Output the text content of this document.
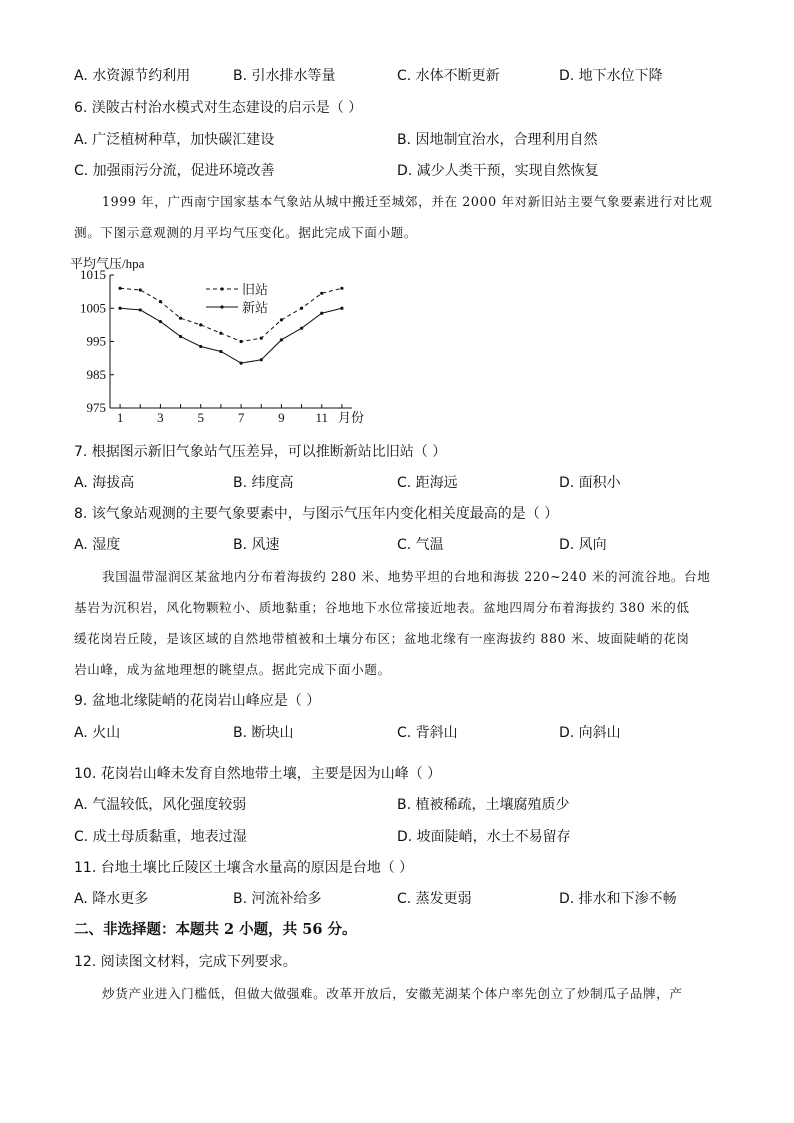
A. 水资源节约利用	B. 引水排水等量	C. 水体不断更新	D. 地下水位下降
6. 渼陂古村治水模式对生态建设的启示是（ ）
A. 广泛植树种草，加快碳汇建设	B. 因地制宜治水，合理利用自然
C. 加强雨污分流，促进环境改善	D. 减少人类干预，实现自然恢复
1999 年，广西南宁国家基本气象站从城中搬迁至城郊，并在 2000 年对新旧站主要气象要素进行对比观
测。下图示意观测的月平均气压变化。据此完成下面小题。
平均气压/hpa
975
985
995
1005
1015
1	3	5	7	9 11
旧站
新站
月份
7. 根据图示新旧气象站气压差异，可以推断新站比旧站（ ）
A. 海拔高	B. 纬度高	C. 距海远	D. 面积小
8. 该气象站观测的主要气象要素中，与图示气压年内变化相关度最高的是（ ）
A. 湿度	B. 风速	C. 气温	D. 风向
我国温带湿润区某盆地内分布着海拔约 280 米、地势平坦的台地和海拔 220~240 米的河流谷地。台地
基岩为沉积岩，风化物颗粒小、质地黏重；谷地地下水位常接近地表。盆地四周分布着海拔约 380 米的低
缓花岗岩丘陵，是该区域的自然地带植被和土壤分布区；盆地北缘有一座海拔约 880 米、坡面陡峭的花岗
岩山峰，成为盆地理想的眺望点。据此完成下面小题。
9. 盆地北缘陡峭的花岗岩山峰应是（ ）
A. 火山	B. 断块山	C. 背斜山	D. 向斜山
10. 花岗岩山峰未发育自然地带土壤，主要是因为山峰（ ）
A. 气温较低，风化强度较弱	B. 植被稀疏，土壤腐殖质少
C. 成土母质黏重，地表过湿	D. 坡面陡峭，水土不易留存
11. 台地土壤比丘陵区土壤含水量高的原因是台地（ ）
A. 降水更多	B. 河流补给多	C. 蒸发更弱	D. 排水和下渗不畅
二、非选择题：本题共 2 小题，共 56 分。
12. 阅读图文材料，完成下列要求。
炒货产业进入门槛低，但做大做强难。改革开放后，安徽芜湖某个体户率先创立了炒制瓜子品牌，产
